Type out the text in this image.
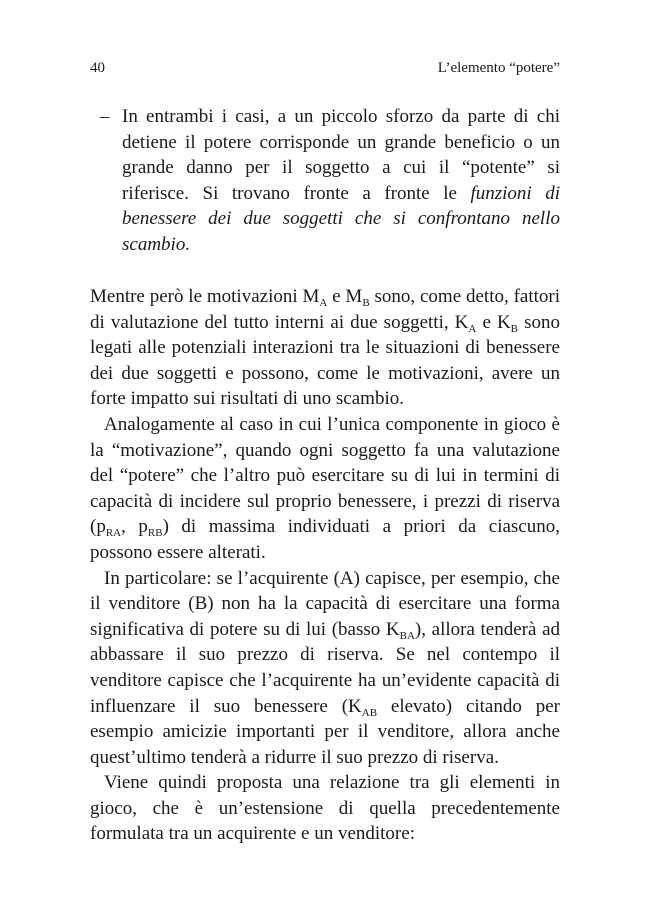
40	L’elemento “potere”
– In entrambi i casi, a un piccolo sforzo da parte di chi detiene il potere corrisponde un grande beneficio o un grande danno per il soggetto a cui il “potente” si riferisce. Si trovano fronte a fronte le funzioni di benessere dei due soggetti che si confrontano nello scambio.

Mentre però le motivazioni $M_A$ e $M_B$ sono, come detto, fattori di valutazione del tutto interni ai due soggetti, $K_A$ e $K_B$ sono legati alle potenziali interazioni tra le situazioni di benessere dei due soggetti e possono, come le motivazioni, avere un forte impatto sui risultati di uno scambio.

Analogamente al caso in cui l’unica componente in gioco è la “motivazione”, quando ogni soggetto fa una valutazione del “potere” che l’altro può esercitare su di lui in termini di capacità di incidere sul proprio benessere, i prezzi di riserva ($p_{RA}$, $p_{RB}$) di massima individuati a priori da ciascuno, possono essere alterati.

In particolare: se l’acquirente (A) capisce, per esempio, che il venditore (B) non ha la capacità di esercitare una forma significativa di potere su di lui (basso $K_{BA}$), allora tenderà ad abbassare il suo prezzo di riserva. Se nel contempo il venditore capisce che l’acquirente ha un’evidente capacità di influenzare il suo benessere ($K_{AB}$ elevato) citando per esempio amicizie importanti per il venditore, allora anche quest’ultimo tenderà a ridurre il suo prezzo di riserva.

Viene quindi proposta una relazione tra gli elementi in gioco, che è un’estensione di quella precedentemente formulata tra un acquirente e un venditore:
